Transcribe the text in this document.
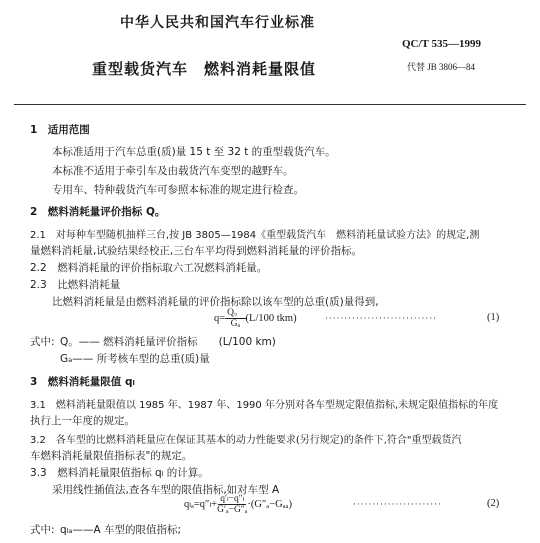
中华人民共和国汽车行业标准
QC/T 535—1999
重型载货汽车　燃料消耗量限值	代替 JB 3806—84
1　适用范围
本标准适用于汽车总重(质)量 15 t 至 32 t 的重型载货汽车。
本标准不适用于牵引车及由载货汽车变型的越野车。
专用车、特种载货汽车可参照本标准的规定进行检查。
2　燃料消耗量评价指标 Q。
2.1　对每种车型随机抽样三台,按 JB 3805—1984《重型载货汽车　燃料消耗量试验方法》的规定,测
量燃料消耗量,试验结果经校正,三台车平均得到燃料消耗量的评价指标。
2.2　燃料消耗量的评价指标取六工况燃料消耗量。
2.3　比燃料消耗量
比燃料消耗量是由燃料消耗量的评价指标除以该车型的总重(质)量得到,
$q= \frac{Q。}{\text{Gₐ}} (L/100$ tkm)	·····························	(1)
式中: Q。—— 燃料消耗量评价指标　　(L/100 km)
Gₐ—— 所考核车型的总重(质)量
3　燃料消耗量限值 qₗ
3.1　燃料消耗量限值以 1985 年、1987 年、1990 年分别对各车型规定限值指标,未规定限值指标的年度
执行上一年度的规定。
3.2　各车型的比燃料消耗量应在保证其基本的动力性能要求(另行规定)的条件下,符合"重型载货汽
车燃料消耗量限值指标表"的规定。
3.3　燃料消耗量限值指标 qₗ 的计算。
采用线性插值法,查各车型的限值指标,如对车型 A
$q_{la}=q''_l+ \frac{\text{q′ₗ−q″ₗ}}{\text{G′ₐ−G″ₐ}} \cdot(G''_a-G_{aa})$	·······················	(2)
式中: qₗₐ——A 车型的限值指标;
